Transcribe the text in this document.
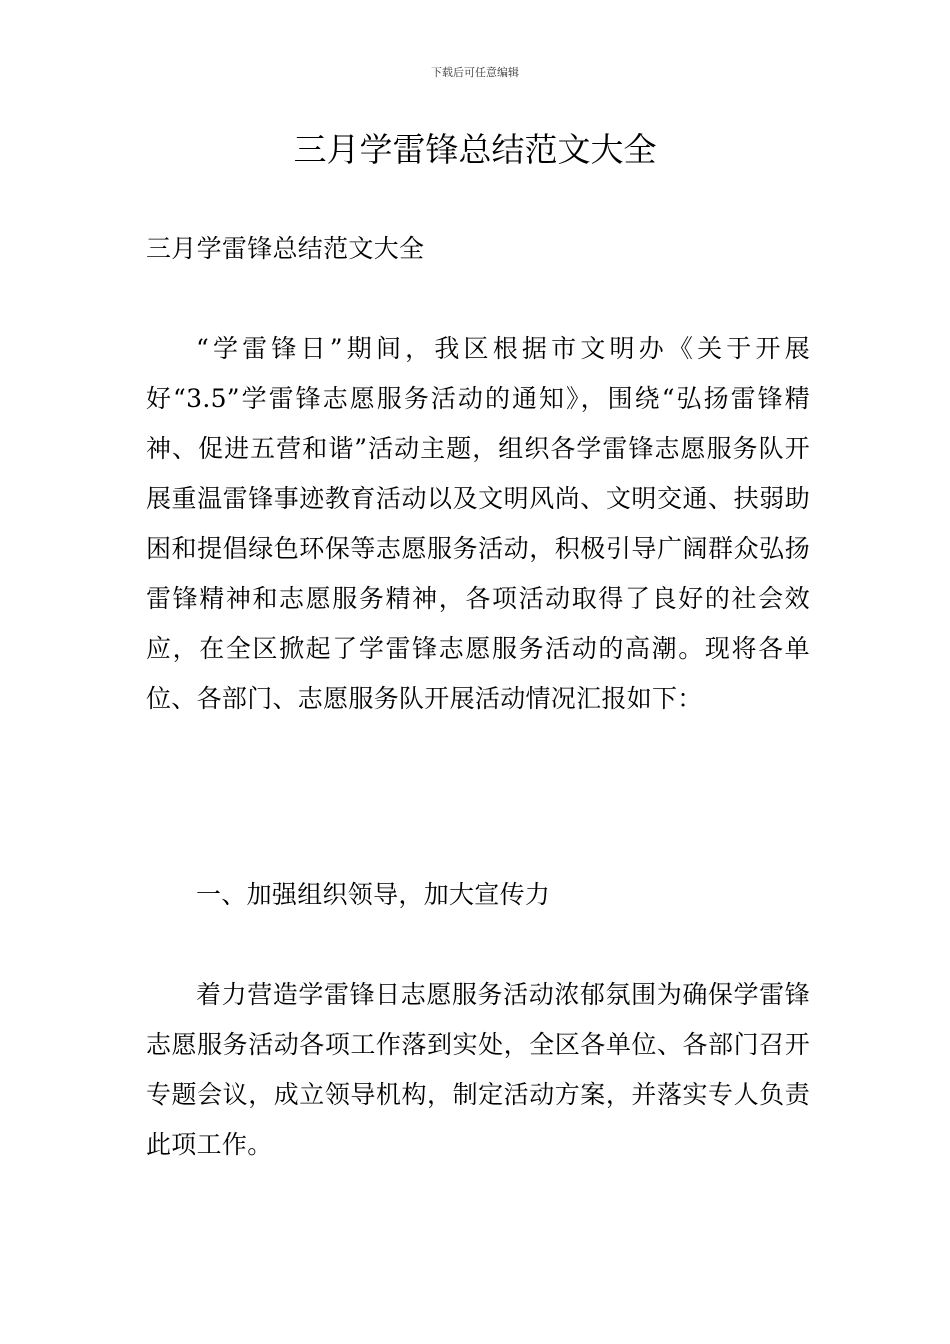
下载后可任意编辑
三月学雷锋总结范文大全

三月学雷锋总结范文大全

“学雷锋日”期间，我区根据市文明办《关于开展好“3.5”学雷锋志愿服务活动的通知》，围绕“弘扬雷锋精神、促进五营和谐”活动主题，组织各学雷锋志愿服务队开展重温雷锋事迹教育活动以及文明风尚、文明交通、扶弱助困和提倡绿色环保等志愿服务活动，积极引导广阔群众弘扬雷锋精神和志愿服务精神，各项活动取得了良好的社会效应，在全区掀起了学雷锋志愿服务活动的高潮。现将各单位、各部门、志愿服务队开展活动情况汇报如下：

一、加强组织领导，加大宣传力

着力营造学雷锋日志愿服务活动浓郁氛围为确保学雷锋志愿服务活动各项工作落到实处，全区各单位、各部门召开专题会议，成立领导机构，制定活动方案，并落实专人负责此项工作。
